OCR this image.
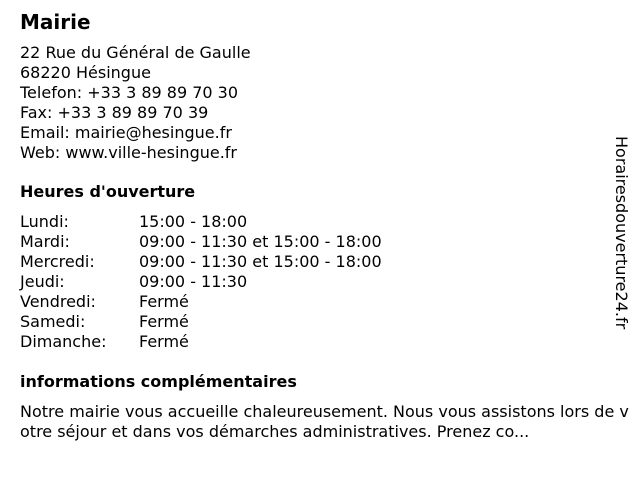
Mairie
22 Rue du Général de Gaulle
68220 Hésingue
Telefon: +33 3 89 89 70 30
Fax: +33 3 89 89 70 39
Email: mairie@hesingue.fr
Web: www.ville-hesingue.fr
Heures d'ouverture
Lundi:	15:00 - 18:00
Mardi:	09:00 - 11:30 et 15:00 - 18:00
Mercredi:	09:00 - 11:30 et 15:00 - 18:00
Jeudi:	09:00 - 11:30
Vendredi:	Fermé
Samedi:	Fermé
Dimanche:	Fermé
informations complémentaires

Notre mairie vous accueille chaleureusement. Nous vous assistons lors de votre séjour et dans vos démarches administratives. Prenez co...

Horairesdouverture24.fr
